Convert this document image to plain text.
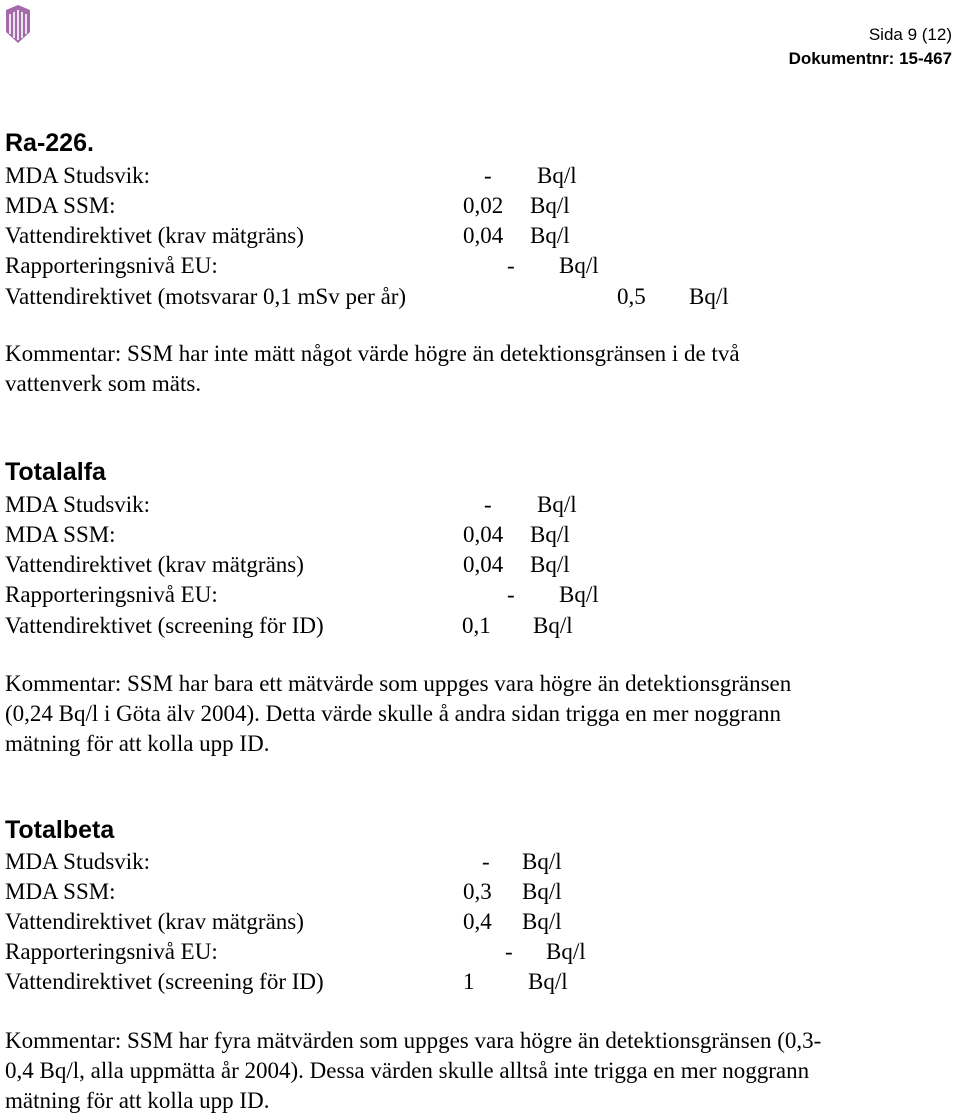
Sida 9 (12)
Dokumentnr: 15-467
Ra-226.
MDA Studsvik:	- Bq/l
MDA SSM:	0,02 Bq/l
Vattendirektivet (krav mätgräns)	0,04 Bq/l
Rapporteringsnivå EU:	- Bq/l
Vattendirektivet (motsvarar 0,1 mSv per år)	0,5 Bq/l
Kommentar: SSM har inte mätt något värde högre än detektionsgränsen i de två
vattenverk som mäts.
Totalalfa
MDA Studsvik:	- Bq/l
MDA SSM:	0,04 Bq/l
Vattendirektivet (krav mätgräns)	0,04 Bq/l
Rapporteringsnivå EU:	- Bq/l
Vattendirektivet (screening för ID)	0,1 Bq/l
Kommentar: SSM har bara ett mätvärde som uppges vara högre än detektionsgränsen
(0,24 Bq/l i Göta älv 2004). Detta värde skulle å andra sidan trigga en mer noggrann
mätning för att kolla upp ID.
Totalbeta
MDA Studsvik:	- Bq/l
MDA SSM:	0,3 Bq/l
Vattendirektivet (krav mätgräns)	0,4 Bq/l
Rapporteringsnivå EU:	- Bq/l
Vattendirektivet (screening för ID)	1 Bq/l
Kommentar: SSM har fyra mätvärden som uppges vara högre än detektionsgränsen (0,3-
0,4 Bq/l, alla uppmätta år 2004). Dessa värden skulle alltså inte trigga en mer noggrann
mätning för att kolla upp ID.
